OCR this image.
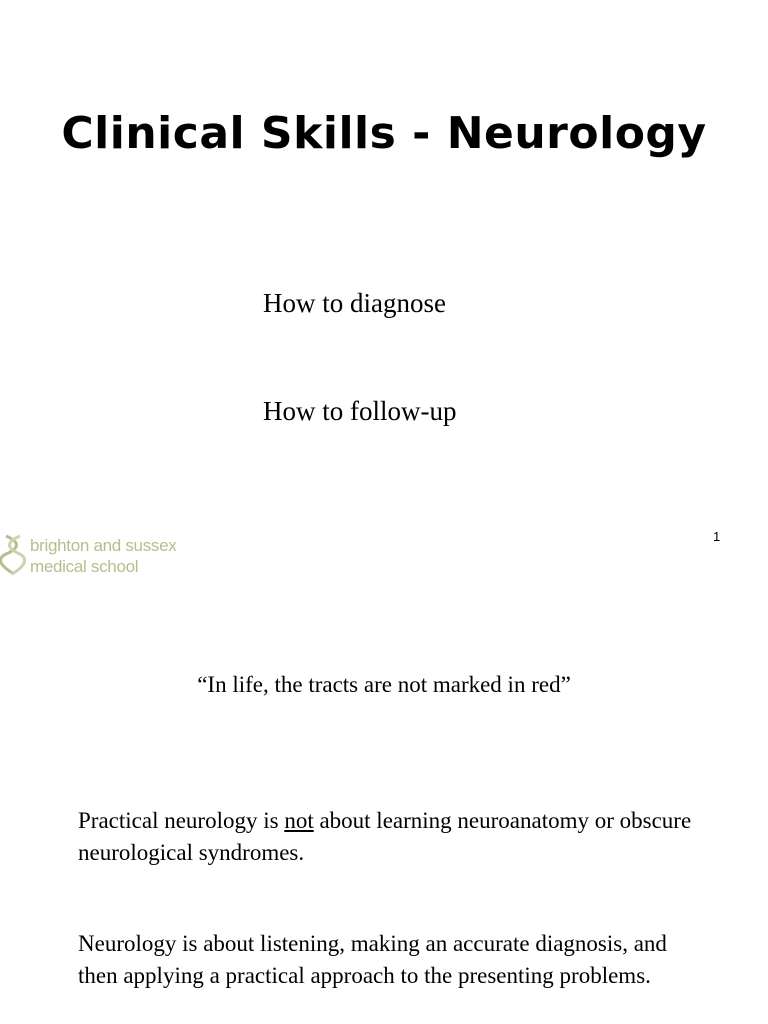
Clinical Skills - Neurology
How to diagnose
How to follow-up
brighton and sussex
medical school
1
“In life, the tracts are not marked in red”
Practical neurology is not about learning neuroanatomy or obscure neurological syndromes.
Neurology is about listening, making an accurate diagnosis, and then applying a practical approach to the presenting problems.
